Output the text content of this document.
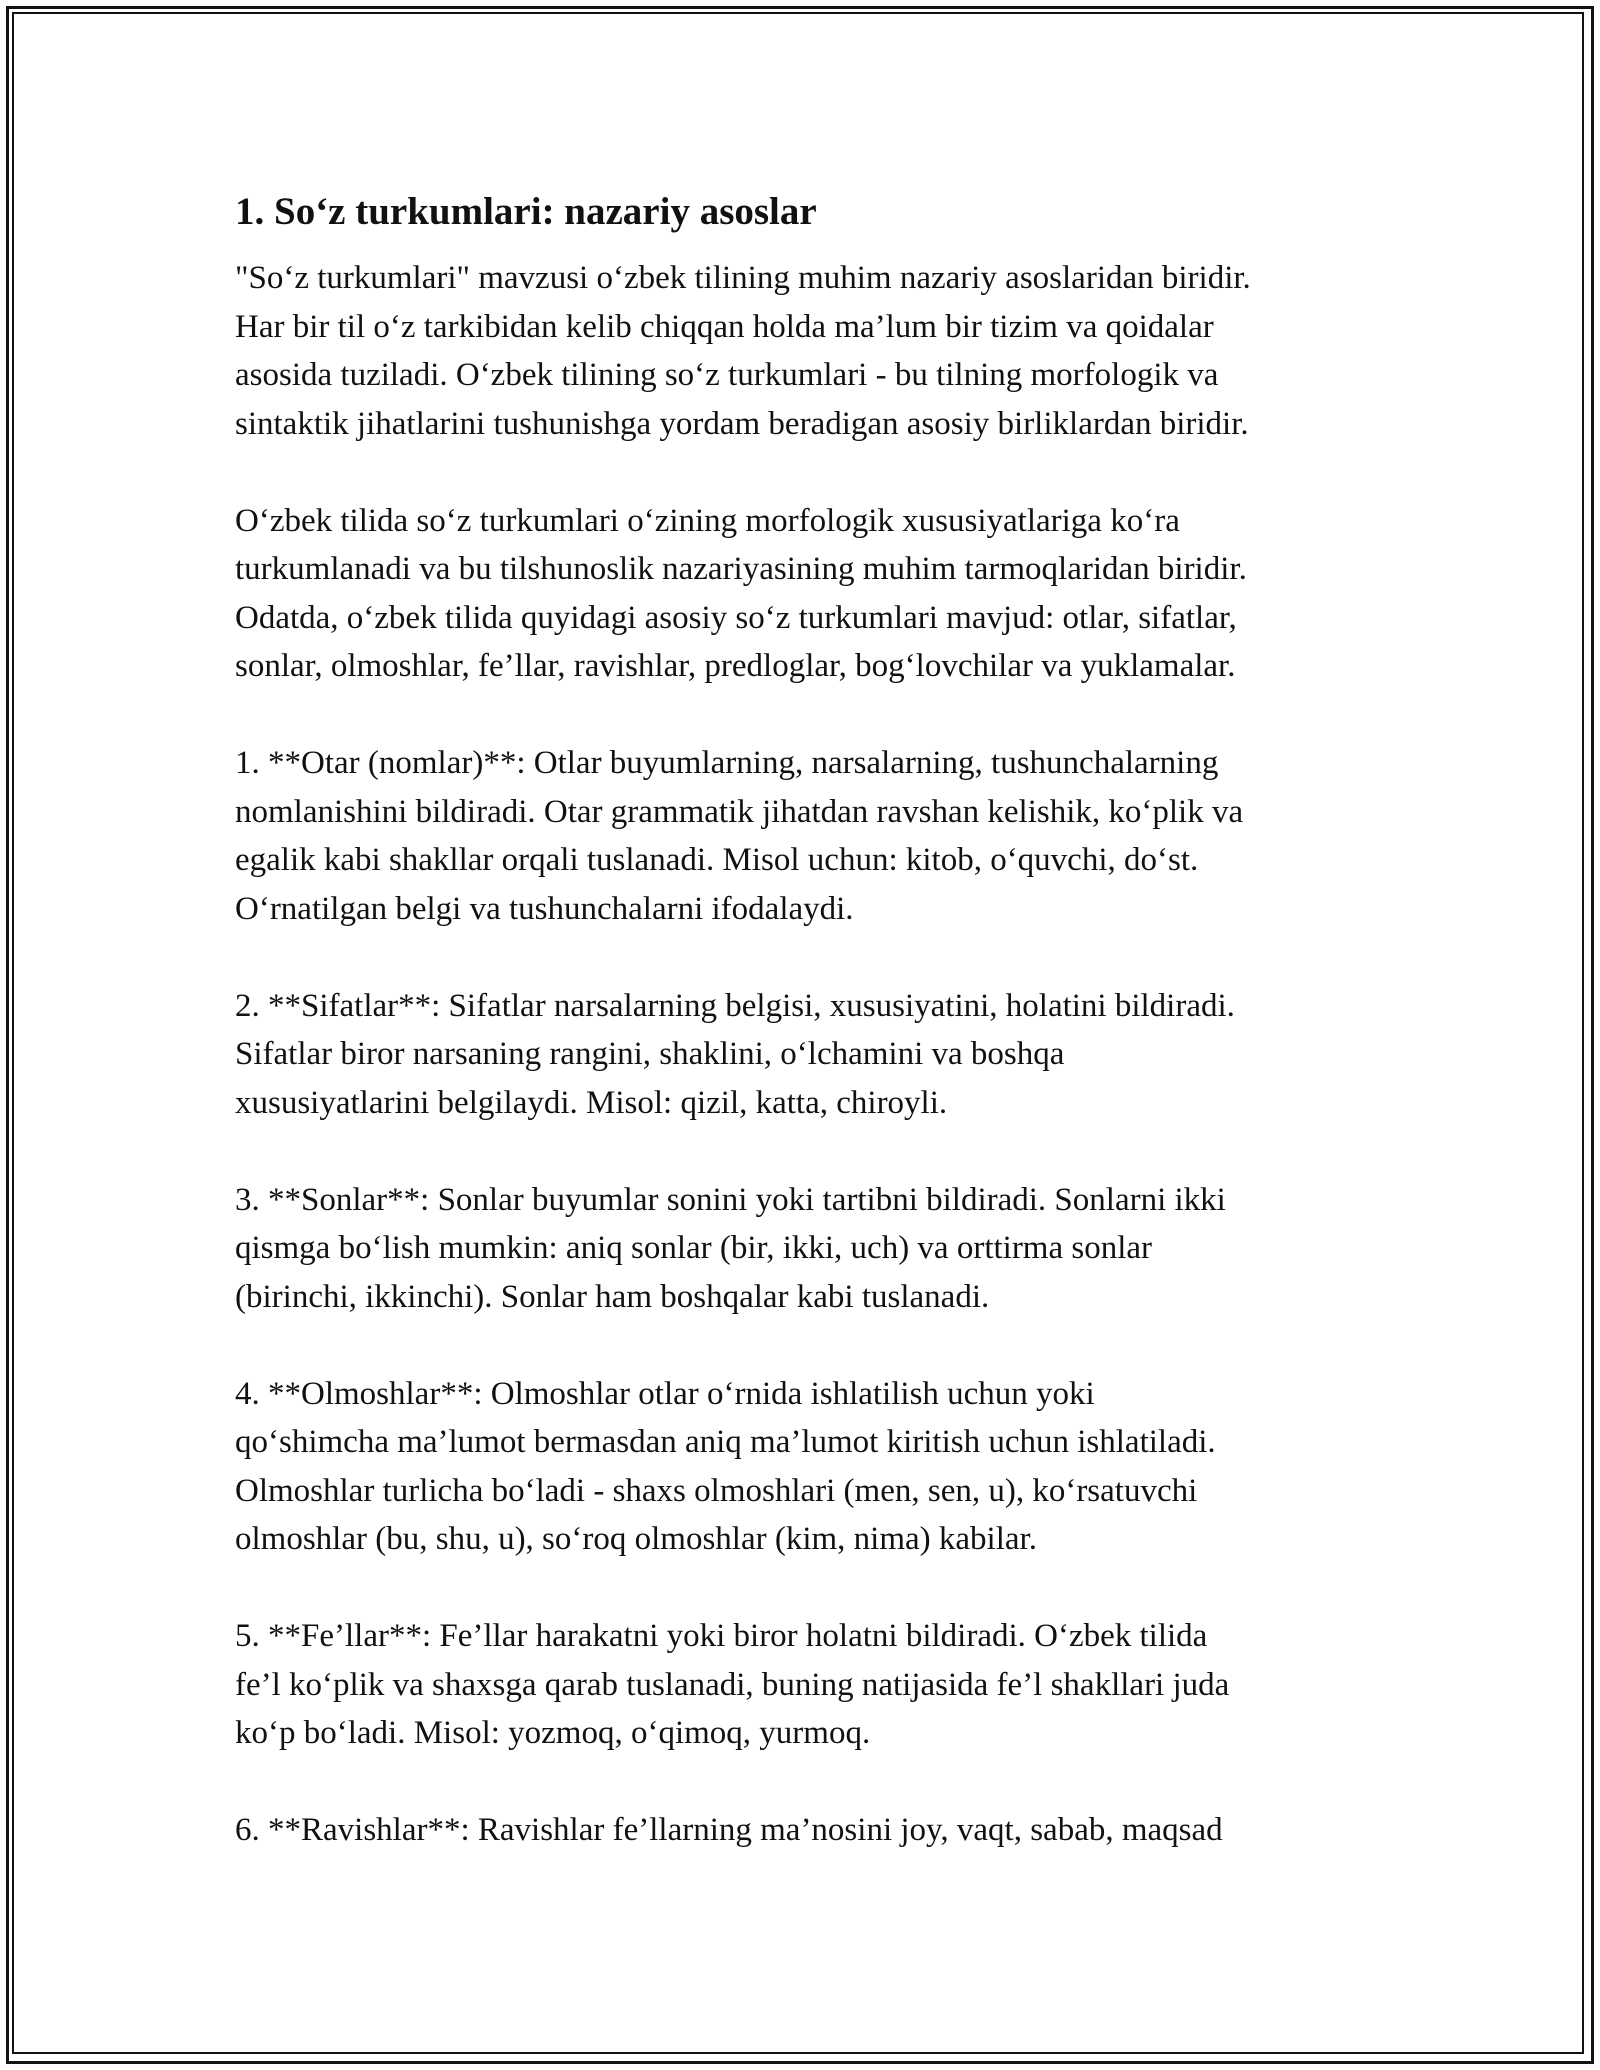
1. So‘z turkumlari: nazariy asoslar
"So‘z turkumlari" mavzusi o‘zbek tilining muhim nazariy asoslaridan biridir.
Har bir til o‘z tarkibidan kelib chiqqan holda ma’lum bir tizim va qoidalar
asosida tuziladi. O‘zbek tilining so‘z turkumlari - bu tilning morfologik va
sintaktik jihatlarini tushunishga yordam beradigan asosiy birliklardan biridir.
O‘zbek tilida so‘z turkumlari o‘zining morfologik xususiyatlariga ko‘ra
turkumlanadi va bu tilshunoslik nazariyasining muhim tarmoqlaridan biridir.
Odatda, o‘zbek tilida quyidagi asosiy so‘z turkumlari mavjud: otlar, sifatlar,
sonlar, olmoshlar, fe’llar, ravishlar, predloglar, bog‘lovchilar va yuklamalar.
1. **Otar (nomlar)**: Otlar buyumlarning, narsalarning, tushunchalarning
nomlanishini bildiradi. Otar grammatik jihatdan ravshan kelishik, ko‘plik va
egalik kabi shakllar orqali tuslanadi. Misol uchun: kitob, o‘quvchi, do‘st.
O‘rnatilgan belgi va tushunchalarni ifodalaydi.
2. **Sifatlar**: Sifatlar narsalarning belgisi, xususiyatini, holatini bildiradi.
Sifatlar biror narsaning rangini, shaklini, o‘lchamini va boshqa
xususiyatlarini belgilaydi. Misol: qizil, katta, chiroyli.
3. **Sonlar**: Sonlar buyumlar sonini yoki tartibni bildiradi. Sonlarni ikki
qismga bo‘lish mumkin: aniq sonlar (bir, ikki, uch) va orttirma sonlar
(birinchi, ikkinchi). Sonlar ham boshqalar kabi tuslanadi.
4. **Olmoshlar**: Olmoshlar otlar o‘rnida ishlatilish uchun yoki
qo‘shimcha ma’lumot bermasdan aniq ma’lumot kiritish uchun ishlatiladi.
Olmoshlar turlicha bo‘ladi - shaxs olmoshlari (men, sen, u), ko‘rsatuvchi
olmoshlar (bu, shu, u), so‘roq olmoshlar (kim, nima) kabilar.
5. **Fe’llar**: Fe’llar harakatni yoki biror holatni bildiradi. O‘zbek tilida
fe’l ko‘plik va shaxsga qarab tuslanadi, buning natijasida fe’l shakllari juda
ko‘p bo‘ladi. Misol: yozmoq, o‘qimoq, yurmoq.
6. **Ravishlar**: Ravishlar fe’llarning ma’nosini joy, vaqt, sabab, maqsad
